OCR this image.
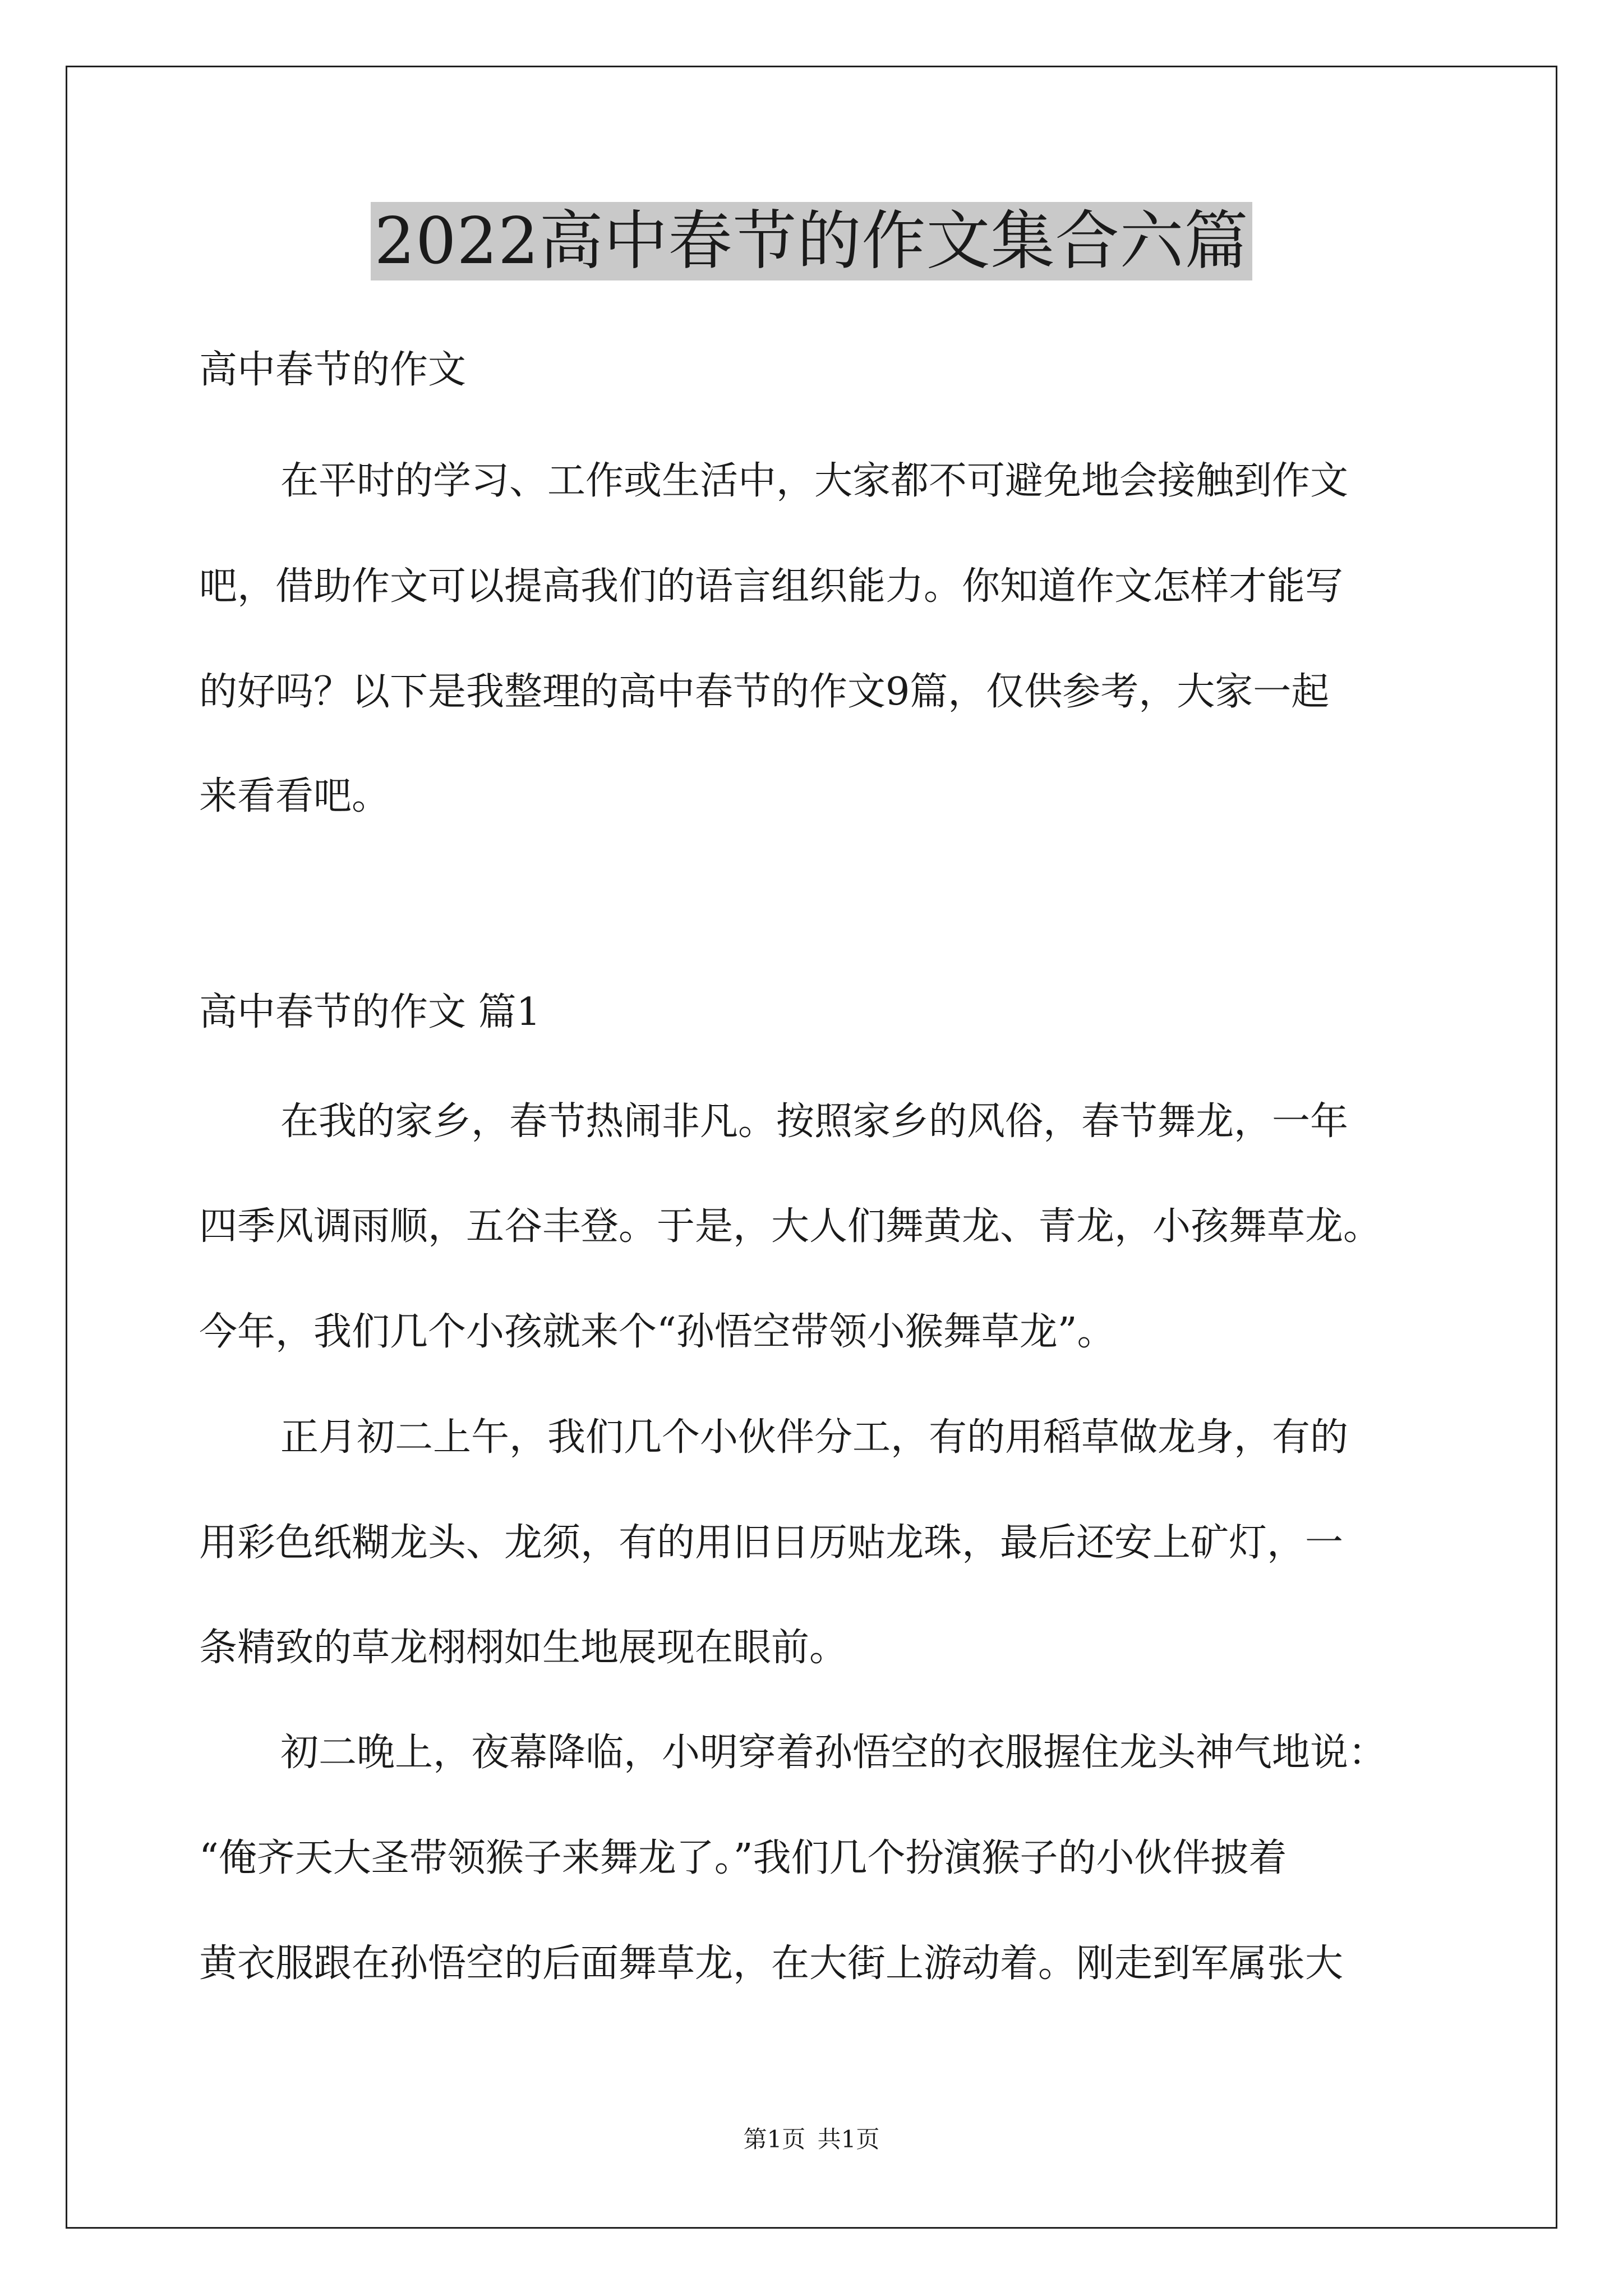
2022高中春节的作文集合六篇
高中春节的作文
在平时的学习、工作或生活中，大家都不可避免地会接触到作文
吧，借助作文可以提高我们的语言组织能力。你知道作文怎样才能写
的好吗？以下是我整理的高中春节的作文9篇，仅供参考，大家一起
来看看吧。
高中春节的作文 篇1
在我的家乡，春节热闹非凡。按照家乡的风俗，春节舞龙，一年
四季风调雨顺，五谷丰登。于是，大人们舞黄龙、青龙，小孩舞草龙。
今年，我们几个小孩就来个“孙悟空带领小猴舞草龙”。
正月初二上午，我们几个小伙伴分工，有的用稻草做龙身，有的
用彩色纸糊龙头、龙须，有的用旧日历贴龙珠，最后还安上矿灯，一
条精致的草龙栩栩如生地展现在眼前。
初二晚上，夜幕降临，小明穿着孙悟空的衣服握住龙头神气地说：
“俺齐天大圣带领猴子来舞龙了。”我们几个扮演猴子的小伙伴披着
黄衣服跟在孙悟空的后面舞草龙，在大街上游动着。刚走到军属张大
第1页 共1页
